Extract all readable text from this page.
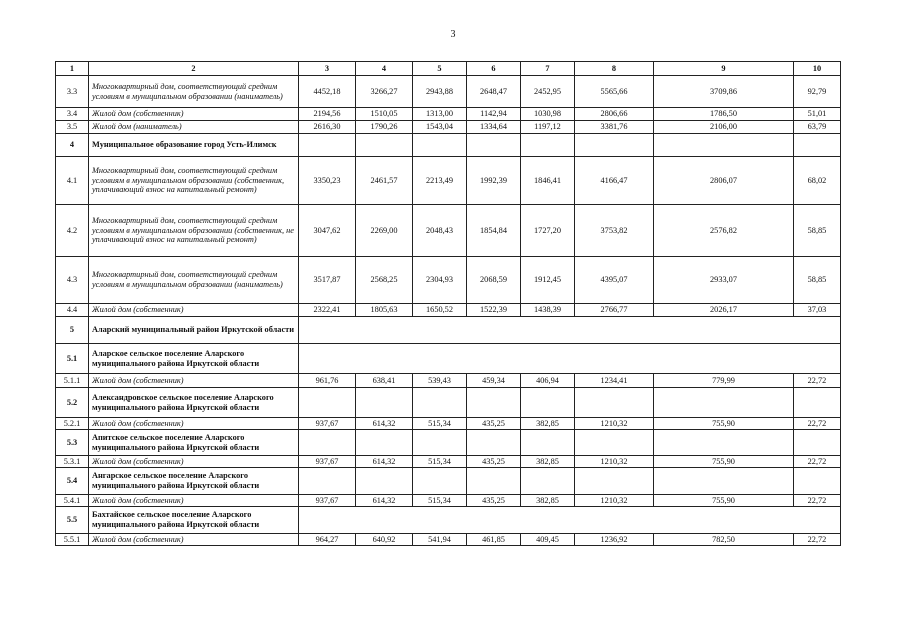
3
1	2	3	4	5	6	7	8	9	10
3.3	Многоквартирный дом, соответствующий средним условиям в муниципальном образовании (наниматель)	4452,18	3266,27	2943,88	2648,47	2452,95	5565,66	3709,86	92,79
3.4	Жилой дом (собственник)	2194,56	1510,05	1313,00	1142,94	1030,98	2806,66	1786,50	51,01
3.5	Жилой дом (наниматель)	2616,30	1790,26	1543,04	1334,64	1197,12	3381,76	2106,00	63,79
4	Муниципальное образование город Усть-Илимск								
4.1	Многоквартирный дом, соответствующий средним условиям в муниципальном образовании (собственник, уплачивающий взнос на капитальный ремонт)	3350,23	2461,57	2213,49	1992,39	1846,41	4166,47	2806,07	68,02
4.2	Многоквартирный дом, соответствующий средним условиям в муниципальном образовании (собственник, не уплачивающий взнос на капитальный ремонт)	3047,62	2269,00	2048,43	1854,84	1727,20	3753,82	2576,82	58,85
4.3	Многоквартирный дом, соответствующий средним условиям в муниципальном образовании (наниматель)	3517,87	2568,25	2304,93	2068,59	1912,45	4395,07	2933,07	58,85
4.4	Жилой дом (собственник)	2322,41	1805,63	1650,52	1522,39	1438,39	2766,77	2026,17	37,03
5	Аларский муниципальный район Иркутской области								
5.1	Аларское сельское поселение Аларского муниципального района Иркутской области								
5.1.1	Жилой дом (собственник)	961,76	638,41	539,43	459,34	406,94	1234,41	779,99	22,72
5.2	Александровское сельское поселение Аларского муниципального района Иркутской области								
5.2.1	Жилой дом (собственник)	937,67	614,32	515,34	435,25	382,85	1210,32	755,90	22,72
5.3	Апитское сельское поселение Аларского муниципального района Иркутской области								
5.3.1	Жилой дом (собственник)	937,67	614,32	515,34	435,25	382,85	1210,32	755,90	22,72
5.4	Ангарское сельское поселение Аларского муниципального района Иркутской области								
5.4.1	Жилой дом (собственник)	937,67	614,32	515,34	435,25	382,85	1210,32	755,90	22,72
5.5	Бахтайское сельское поселение Аларского муниципального района Иркутской области								
5.5.1	Жилой дом (собственник)	964,27	640,92	541,94	461,85	409,45	1236,92	782,50	22,72
